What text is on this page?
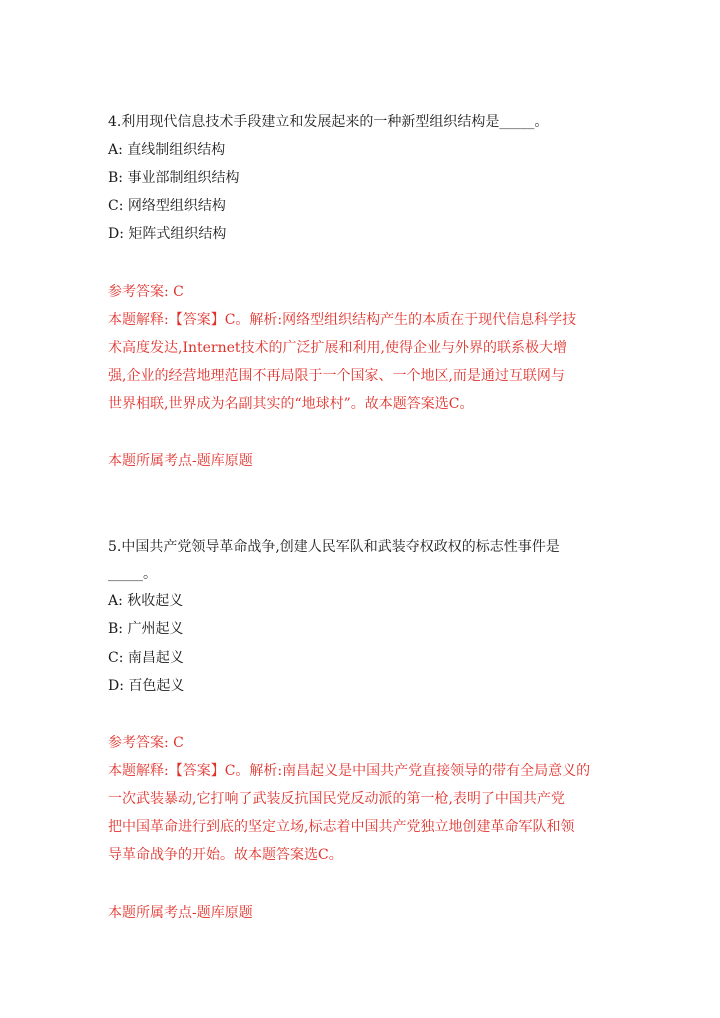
4.利用现代信息技术手段建立和发展起来的一种新型组织结构是_____。
A: 直线制组织结构
B: 事业部制组织结构
C: 网络型组织结构
D: 矩阵式组织结构
参考答案: C
本题解释:【答案】C。解析:网络型组织结构产生的本质在于现代信息科学技
术高度发达,Internet技术的广泛扩展和利用,使得企业与外界的联系极大增
强,企业的经营地理范围不再局限于一个国家、一个地区,而是通过互联网与
世界相联,世界成为名副其实的“地球村”。故本题答案选C。
本题所属考点-题库原题
5.中国共产党领导革命战争,创建人民军队和武装夺权政权的标志性事件是
_____。
A: 秋收起义
B: 广州起义
C: 南昌起义
D: 百色起义
参考答案: C
本题解释:【答案】C。解析:南昌起义是中国共产党直接领导的带有全局意义的
一次武装暴动,它打响了武装反抗国民党反动派的第一枪,表明了中国共产党
把中国革命进行到底的坚定立场,标志着中国共产党独立地创建革命军队和领
导革命战争的开始。故本题答案选C。
本题所属考点-题库原题
